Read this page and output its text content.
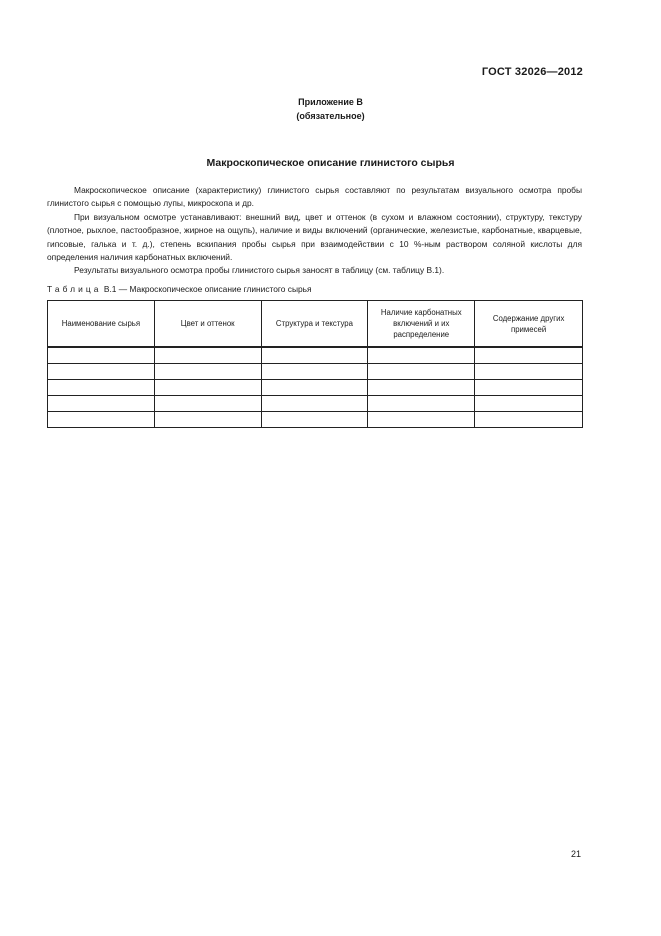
ГОСТ 32026—2012
Приложение В
(обязательное)
Макроскопическое описание глинистого сырья

Макроскопическое описание (характеристику) глинистого сырья составляют по результатам визуального осмотра пробы глинистого сырья с помощью лупы, микроскопа и др.

При визуальном осмотре устанавливают: внешний вид, цвет и оттенок (в сухом и влажном состоянии), структуру, текстуру (плотное, рыхлое, пастообразное, жирное на ощупь), наличие и виды включений (органические, железистые, карбонатные, кварцевые, гипсовые, галька и т. д.), степень вскипания пробы сырья при взаимодействии с 10 %-ным раствором соляной кислоты для определения наличия карбонатных включений.

Результаты визуального осмотра пробы глинистого сырья заносят в таблицу (см. таблицу В.1).

Таблица В.1 — Макроскопическое описание глинистого сырья
Наименование сырья	Цвет и оттенок	Структура и текстура	Наличие карбонатных включений и их распределение	Содержание других примесей

21
